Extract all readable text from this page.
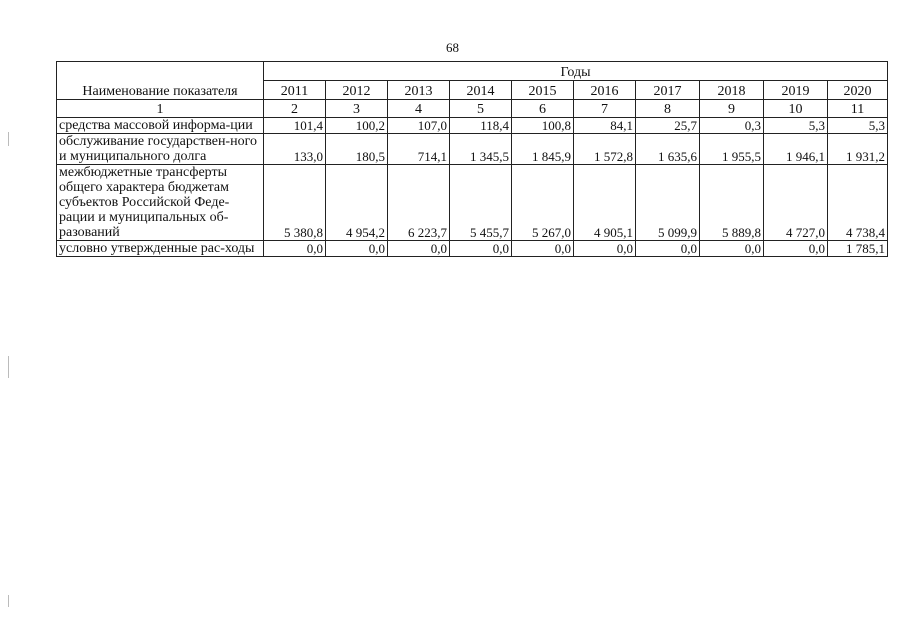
68
Наименование показателя	Годы									
	2011	2012	2013	2014	2015	2016	2017	2018	2019	2020
1	2	3	4	5	6	7	8	9	10	11
средства массовой информа-ции	101,4	100,2	107,0	118,4	100,8	84,1	25,7	0,3	5,3	5,3
обслуживание государствен-ного и муниципального долга	133,0	180,5	714,1	1 345,5	1 845,9	1 572,8	1 635,6	1 955,5	1 946,1	1 931,2
межбюджетные трансферты общего характера бюджетам субъектов Российской Феде-рации и муниципальных об-разований	5 380,8	4 954,2	6 223,7	5 455,7	5 267,0	4 905,1	5 099,9	5 889,8	4 727,0	4 738,4
условно утвержденные рас-ходы	0,0	0,0	0,0	0,0	0,0	0,0	0,0	0,0	0,0	1 785,1
